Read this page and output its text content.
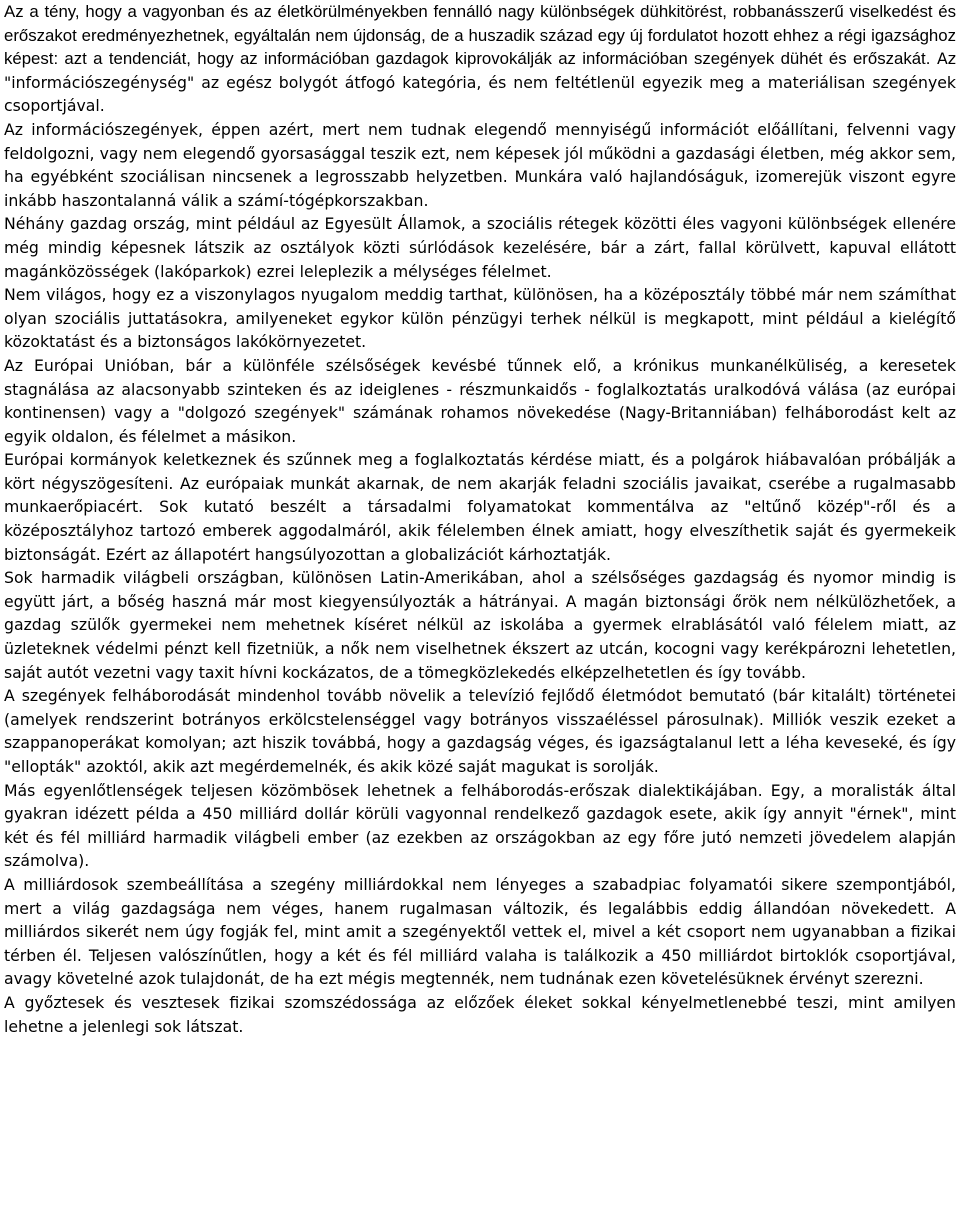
Az a tény, hogy a vagyonban és az életkörülményekben fennálló nagy különbségek dühkitörést, robbanásszerű viselkedést és erőszakot eredményezhetnek, egyáltalán nem újdonság, de a huszadik század egy új fordulatot hozott ehhez a régi igazsághoz képest: azt a tendenciát, hogy az információban gazdagok kiprovokálják az információban szegények dühét és erőszakát. Az "információszegénység" az egész bolygót átfogó kategória, és nem feltétlenül egyezik meg a materiálisan szegények csoportjával.

Az információszegények, éppen azért, mert nem tudnak elegendő mennyiségű információt előállítani, felvenni vagy feldolgozni, vagy nem elegendő gyorsasággal teszik ezt, nem képesek jól működni a gazdasági életben, még akkor sem, ha egyébként szociálisan nincsenek a legrosszabb helyzetben. Munkára való hajlandóságuk, izomerejük viszont egyre inkább haszontalanná válik a számí-tógépkorszakban.

Néhány gazdag ország, mint például az Egyesült Államok, a szociális rétegek közötti éles vagyoni különbségek ellenére még mindig képesnek látszik az osztályok közti súrlódások kezelésére, bár a zárt, fallal körülvett, kapuval ellátott magánközösségek (lakóparkok) ezrei leleplezik a mélységes félelmet.

Nem világos, hogy ez a viszonylagos nyugalom meddig tarthat, különösen, ha a középosztály többé már nem számíthat olyan szociális juttatásokra, amilyeneket egykor külön pénzügyi terhek nélkül is megkapott, mint például a kielégítő közoktatást és a biztonságos lakókörnyezetet.

Az Európai Unióban, bár a különféle szélsőségek kevésbé tűnnek elő, a krónikus munkanélküliség, a keresetek stagnálása az alacsonyabb szinteken és az ideiglenes - részmunkaidős - foglalkoztatás uralkodóvá válása (az európai kontinensen) vagy a "dolgozó szegények" számának rohamos növekedése (Nagy-Britanniában) felháborodást kelt az egyik oldalon, és félelmet a másikon.

Európai kormányok keletkeznek és szűnnek meg a foglalkoztatás kérdése miatt, és a polgárok hiábavalóan próbálják a kört négyszögesíteni. Az európaiak munkát akarnak, de nem akarják feladni szociális javaikat, cserébe a rugalmasabb munkaerőpiacért. Sok kutató beszélt a társadalmi folyamatokat kommentálva az "eltűnő közép"-ről és a középosztályhoz tartozó emberek aggodalmáról, akik félelemben élnek amiatt, hogy elveszíthetik saját és gyermekeik biztonságát. Ezért az állapotért hangsúlyozottan a globalizációt kárhoztatják.

Sok harmadik világbeli országban, különösen Latin-Amerikában, ahol a szélsőséges gazdagság és nyomor mindig is együtt járt, a bőség haszná már most kiegyensúlyozták a hátrányai. A magán biztonsági őrök nem nélkülözhetőek, a gazdag szülők gyermekei nem mehetnek kíséret nélkül az iskolába a gyermek elrablásától való félelem miatt, az üzleteknek védelmi pénzt kell fizetniük, a nők nem viselhetnek ékszert az utcán, kocogni vagy kerékpározni lehetetlen, saját autót vezetni vagy taxit hívni kockázatos, de a tömegközlekedés elképzelhetetlen és így tovább.

A szegények felháborodását mindenhol tovább növelik a televízió fejlődő életmódot bemutató (bár kitalált) történetei (amelyek rendszerint botrányos erkölcstelenséggel vagy botrányos visszaéléssel párosulnak). Milliók veszik ezeket a szappanoperákat komolyan; azt hiszik továbbá, hogy a gazdagság véges, és igazságtalanul lett a léha keveseké, és így "ellopták" azoktól, akik azt megérdemelnék, és akik közé saját magukat is sorolják.

Más egyenlőtlenségek teljesen közömbösek lehetnek a felháborodás-erőszak dialektikájában. Egy, a moralisták által gyakran idézett példa a 450 milliárd dollár körüli vagyonnal rendelkező gazdagok esete, akik így annyit "érnek", mint két és fél milliárd harmadik világbeli ember (az ezekben az országokban az egy főre jutó nemzeti jövedelem alapján számolva).

A milliárdosok szembeállítása a szegény milliárdokkal nem lényeges a szabadpiac folyamatói sikere szempontjából, mert a világ gazdagsága nem véges, hanem rugalmasan változik, és legalábbis eddig állandóan növekedett. A milliárdos sikerét nem úgy fogják fel, mint amit a szegényektől vettek el, mivel a két csoport nem ugyanabban a fizikai térben él. Teljesen valószínűtlen, hogy a két és fél milliárd valaha is találkozik a 450 milliárdot birtoklók csoportjával, avagy követelné azok tulajdonát, de ha ezt mégis megtennék, nem tudnának ezen követelésüknek érvényt szerezni.

A győztesek és vesztesek fizikai szomszédossága az előzőek éleket sokkal kényelmetlenebbé teszi, mint amilyen lehetne a jelenlegi sok látszat.
